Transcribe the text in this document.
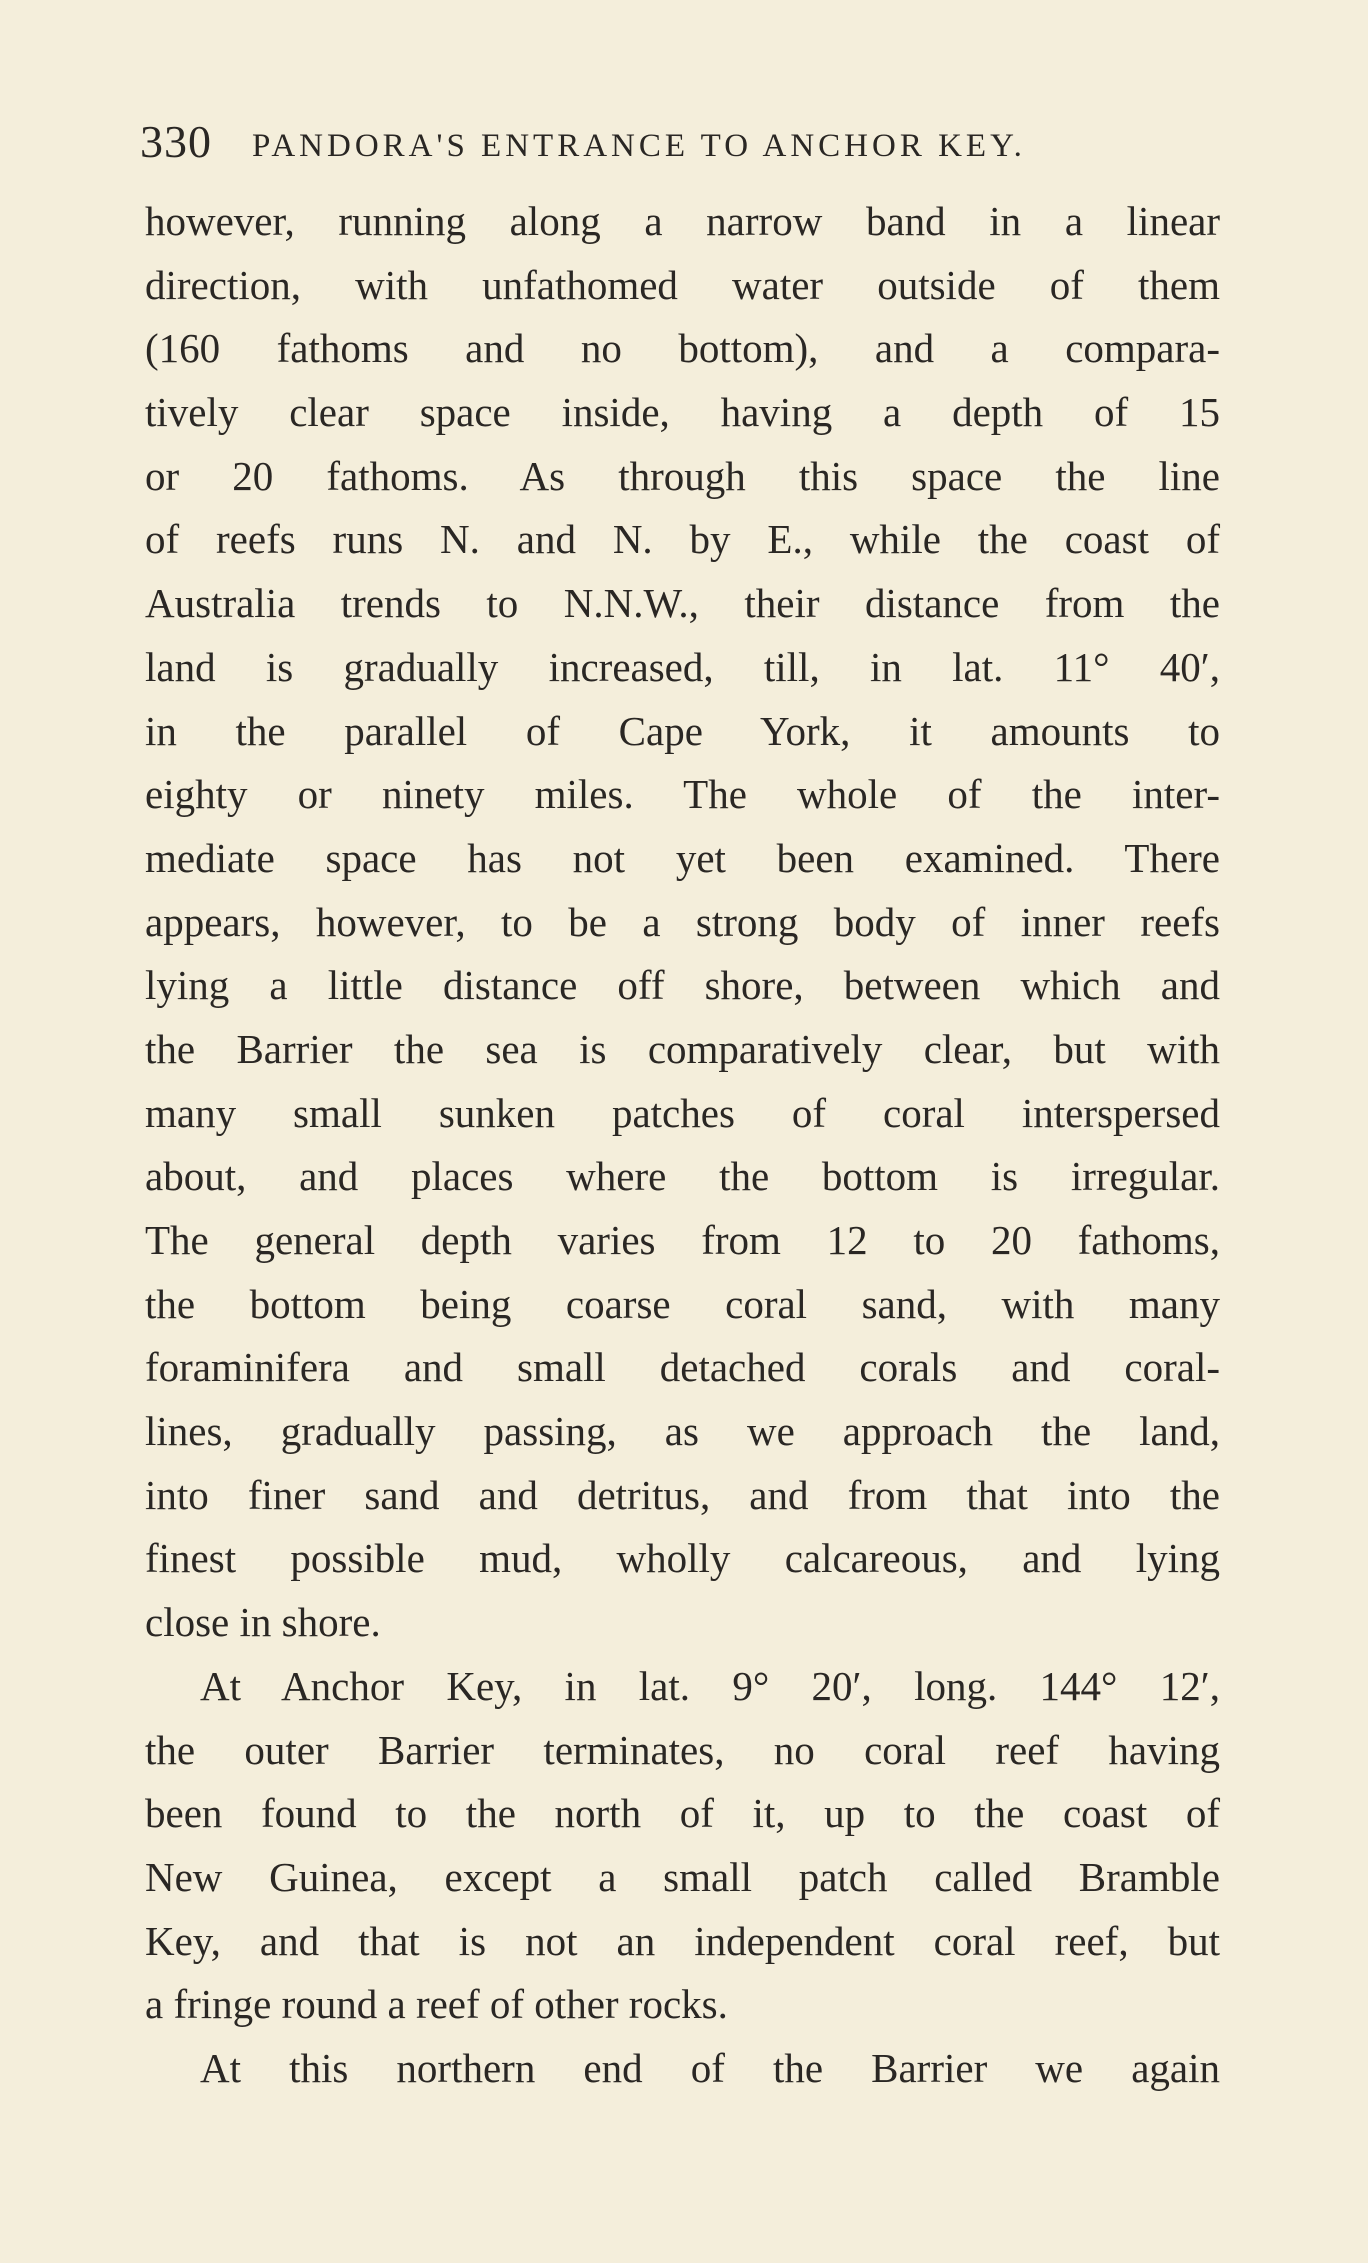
330 PANDORA'S ENTRANCE TO ANCHOR KEY.
however, running along a narrow band in a linear
direction, with unfathomed water outside of them
(160 fathoms and no bottom), and a compara-
tively clear space inside, having a depth of 15
or 20 fathoms. As through this space the line
of reefs runs N. and N. by E., while the coast of
Australia trends to N.N.W., their distance from the
land is gradually increased, till, in lat. 11° 40′,
in the parallel of Cape York, it amounts to
eighty or ninety miles. The whole of the inter-
mediate space has not yet been examined. There
appears, however, to be a strong body of inner reefs
lying a little distance off shore, between which and
the Barrier the sea is comparatively clear, but with
many small sunken patches of coral interspersed
about, and places where the bottom is irregular.
The general depth varies from 12 to 20 fathoms,
the bottom being coarse coral sand, with many
foraminifera and small detached corals and coral-
lines, gradually passing, as we approach the land,
into finer sand and detritus, and from that into the
finest possible mud, wholly calcareous, and lying
close in shore.
At Anchor Key, in lat. 9° 20′, long. 144° 12′,
the outer Barrier terminates, no coral reef having
been found to the north of it, up to the coast of
New Guinea, except a small patch called Bramble
Key, and that is not an independent coral reef, but
a fringe round a reef of other rocks.
At this northern end of the Barrier we again
